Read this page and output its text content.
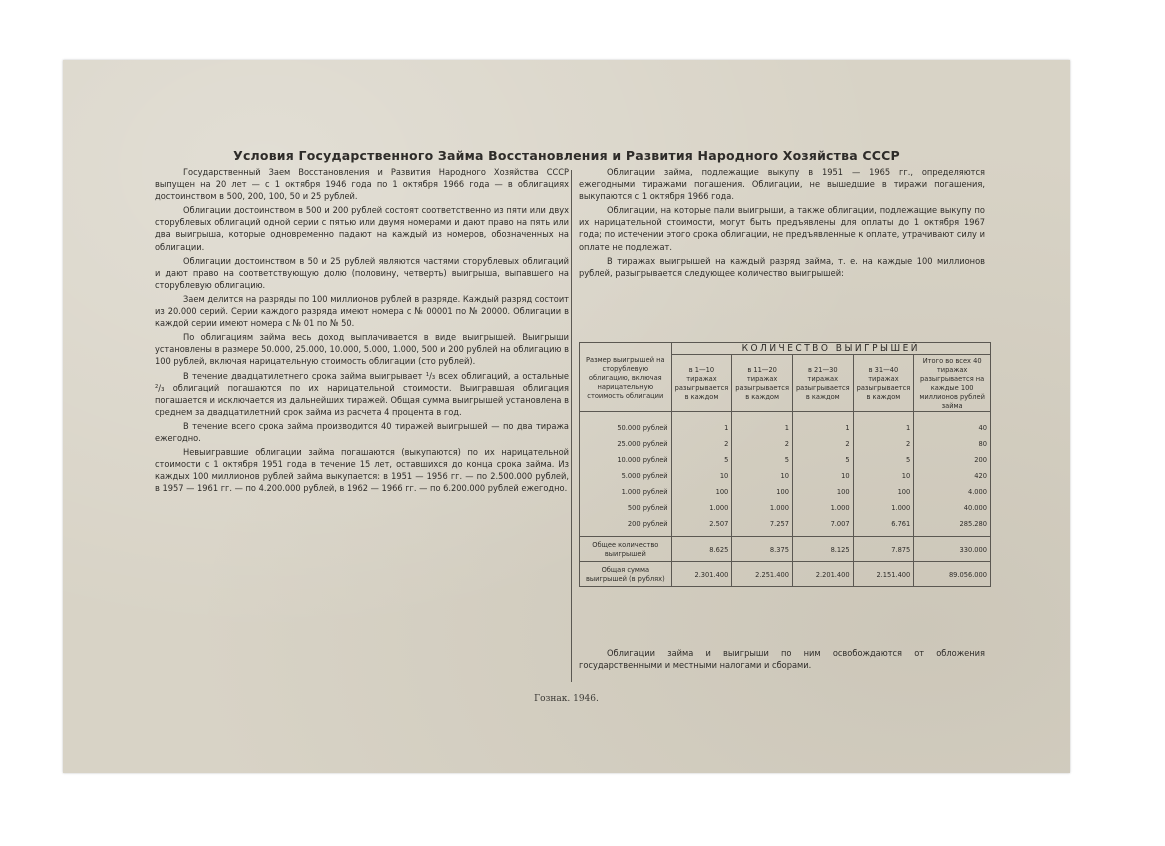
Условия Государственного Займа Восстановления и Развития Народного Хозяйства СССР

Государственный Заем Восстановления и Развития Народного Хозяйства СССР выпущен на 20 лет — с 1 октября 1946 года по 1 октября 1966 года — в облигациях достоинством в 500, 200, 100, 50 и 25 рублей.

Облигации достоинством в 500 и 200 рублей состоят соответственно из пяти или двух сторублевых облигаций одной серии с пятью или двумя номерами и дают право на пять или два выигрыша, которые одновременно падают на каждый из номеров, обозначенных на облигации.

Облигации достоинством в 50 и 25 рублей являются частями сторублевых облигаций и дают право на соответствующую долю (половину, четверть) выигрыша, выпавшего на сторублевую облигацию.

Заем делится на разряды по 100 миллионов рублей в разряде. Каждый разряд состоит из 20.000 серий. Серии каждого разряда имеют номера с № 00001 по № 20000. Облигации в каждой серии имеют номера с № 01 по № 50.

По облигациям займа весь доход выплачивается в виде выигрышей. Выигрыши установлены в размере 50.000, 25.000, 10.000, 5.000, 1.000, 500 и 200 рублей на облигацию в 100 рублей, включая нарицательную стоимость облигации (сто рублей).

В течение двадцатилетнего срока займа выигрывает ¹/₃ всех облигаций, а остальные ²/₃ облигаций погашаются по их нарицательной стоимости. Выигравшая облигация погашается и исключается из дальнейших тиражей. Общая сумма выигрышей установлена в среднем за двадцатилетний срок займа из расчета 4 процента в год.

В течение всего срока займа производится 40 тиражей выигрышей — по два тиража ежегодно.

Невыигравшие облигации займа погашаются (выкупаются) по их нарицательной стоимости с 1 октября 1951 года в течение 15 лет, оставшихся до конца срока займа. Из каждых 100 миллионов рублей займа выкупается: в 1951 — 1956 гг. — по 2.500.000 рублей, в 1957 — 1961 гг. — по 4.200.000 рублей, в 1962 — 1966 гг. — по 6.200.000 рублей ежегодно.

Облигации займа, подлежащие выкупу в 1951 — 1965 гг., определяются ежегодными тиражами погашения. Облигации, не вышедшие в тиражи погашения, выкупаются с 1 октября 1966 года.

Облигации, на которые пали выигрыши, а также облигации, подлежащие выкупу по их нарицательной стоимости, могут быть предъявлены для оплаты до 1 октября 1967 года; по истечении этого срока облигации, не предъявленные к оплате, утрачивают силу и оплате не подлежат.

В тиражах выигрышей на каждый разряд займа, т. е. на каждые 100 миллионов рублей, разыгрывается следующее количество выигрышей:

Размер выигрышей на сторублевую облигацию, включая нарицательную стоимость облигации	КОЛИЧЕСТВО ВЫИГРЫШЕЙ				
	в 1—10 тиражах разыгрывается в каждом	в 11—20 тиражах разыгрывается в каждом	в 21—30 тиражах разыгрывается в каждом	в 31—40 тиражах разыгрывается в каждом	Итого во всех 40 тиражах разыгрывается на каждые 100 миллионов рублей займа
50.000 рублей	1	1	1	1	40
25.000 рублей	2	2	2	2	80
10.000 рублей	5	5	5	5	200
5.000 рублей	10	10	10	10	420
1.000 рублей	100	100	100	100	4.000
500 рублей	1.000	1.000	1.000	1.000	40.000
200 рублей	2.507	7.257	7.007	6.761	285.280
Общее количество выигрышей	8.625	8.375	8.125	7.875	330.000
Общая сумма выигрышей (в рублях)	2.301.400	2.251.400	2.201.400	2.151.400	89.056.000

Облигации займа и выигрыши по ним освобождаются от обложения государственными и местными налогами и сборами.

Гознак. 1946.
